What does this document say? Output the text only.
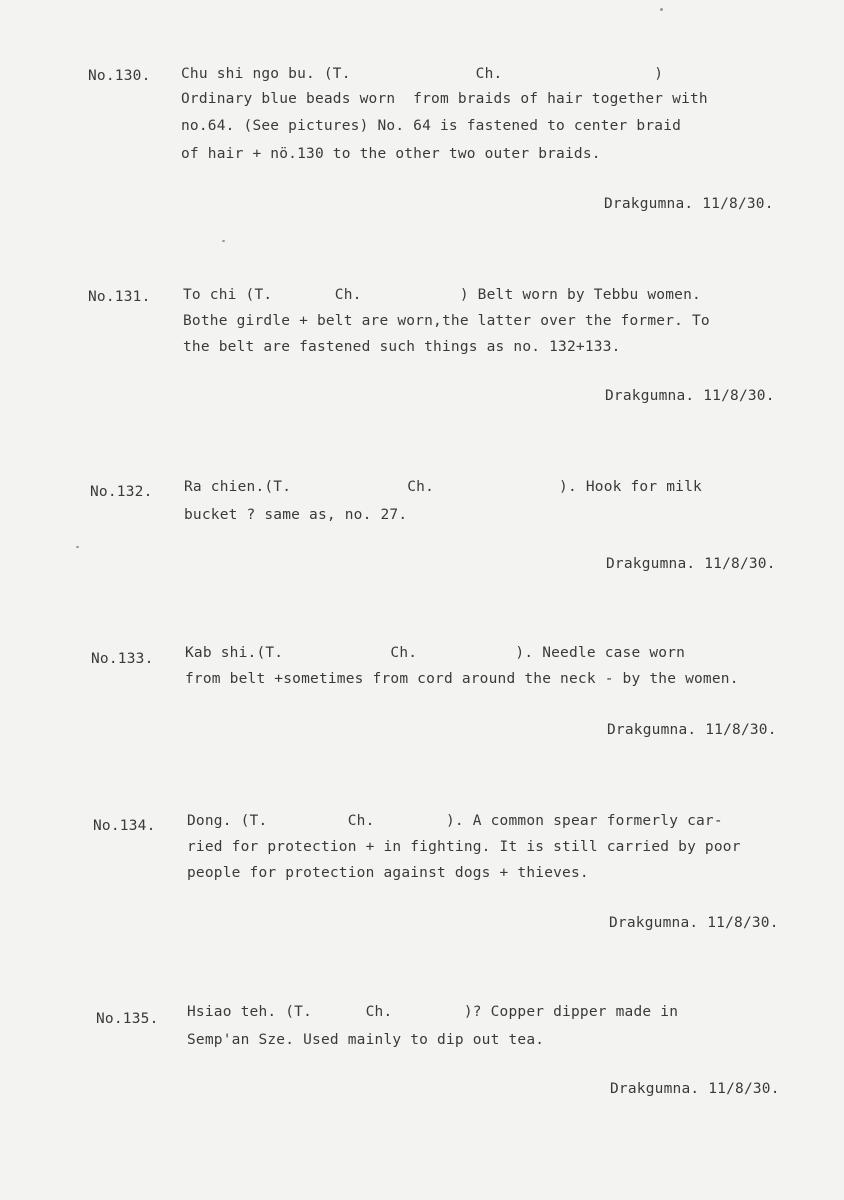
No.130. Chu shi ngo bu. (T.              Ch.                 )
Ordinary blue beads worn  from braids of hair together with
no.64. (See pictures) No. 64 is fastened to center braid
of hair + nö.130 to the other two outer braids.
Drakgumna. 11/8/30.
No.131. To chi (T.       Ch.           ) Belt worn by Tebbu women.
Bothe girdle + belt are worn,the latter over the former. To
the belt are fastened such things as no. 132+133.
Drakgumna. 11/8/30.
No.132. Ra chien.(T.             Ch.              ). Hook for milk
bucket ? same as, no. 27.
Drakgumna. 11/8/30.
No.133. Kab shi.(T.            Ch.           ). Needle case worn
from belt +sometimes from cord around the neck - by the women.
Drakgumna. 11/8/30.
No.134. Dong. (T.         Ch.        ). A common spear formerly car-
ried for protection + in fighting. It is still carried by poor
people for protection against dogs + thieves.
Drakgumna. 11/8/30.
No.135. Hsiao teh. (T.      Ch.        )? Copper dipper made in
Semp'an Sze. Used mainly to dip out tea.
Drakgumna. 11/8/30.
